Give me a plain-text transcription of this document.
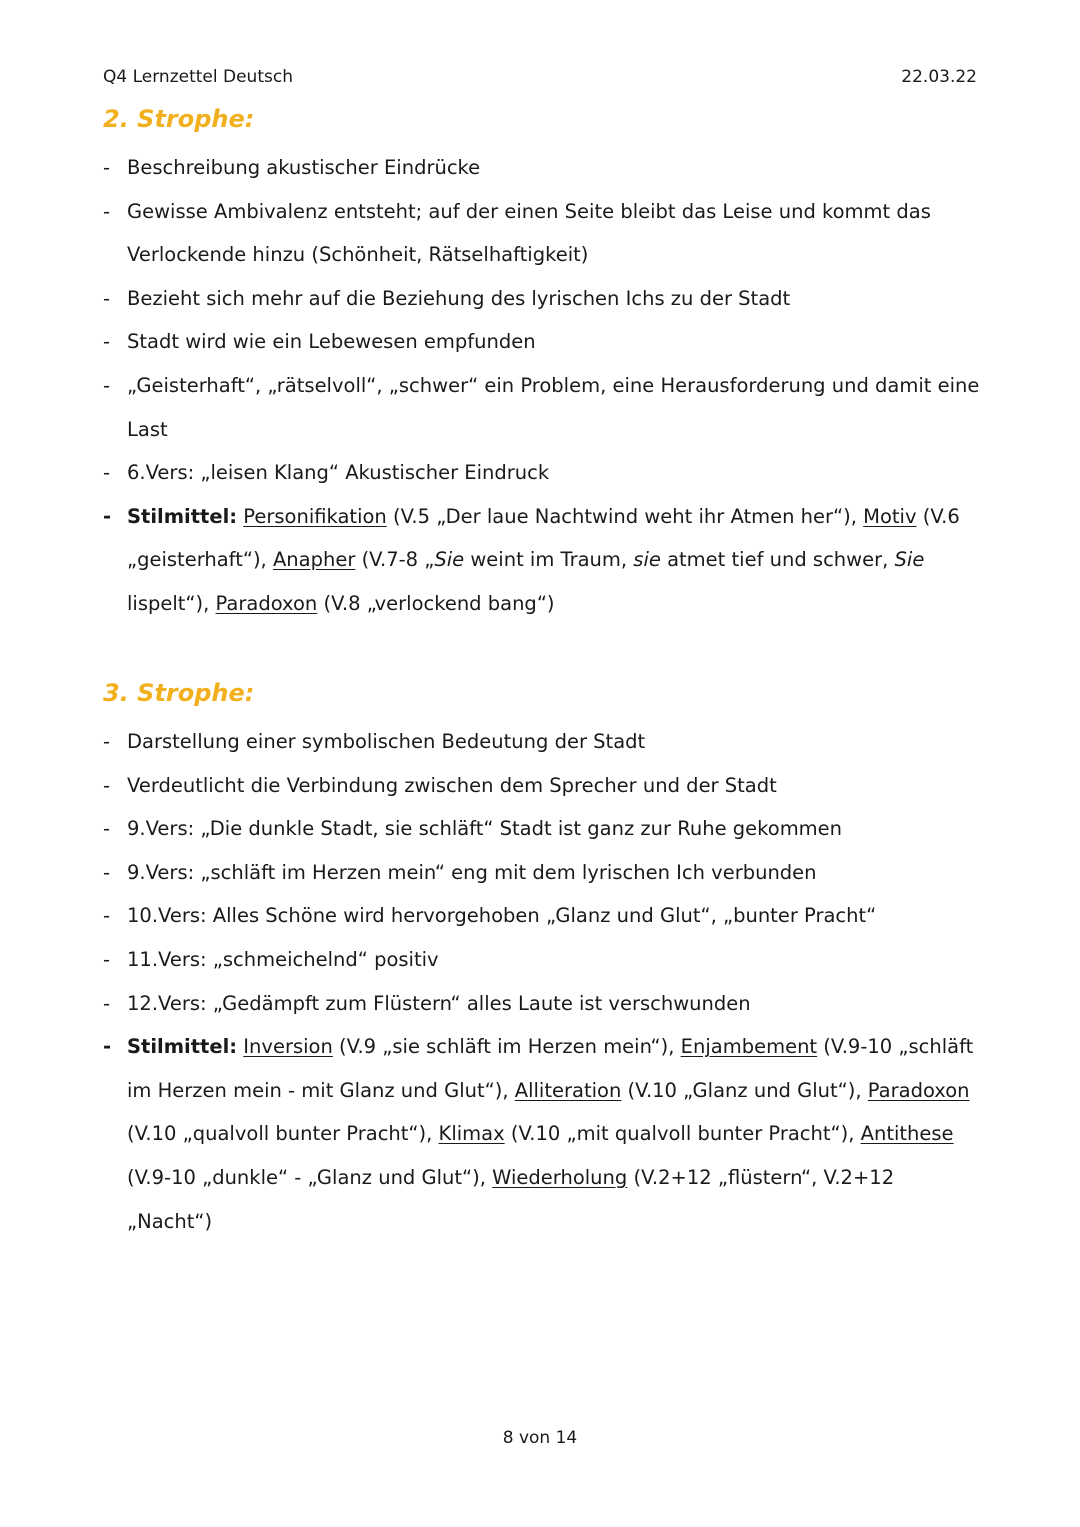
Q4 Lernzettel Deutsch	22.03.22
2. Strophe:
- Beschreibung akustischer Eindrücke
- Gewisse Ambivalenz entsteht; auf der einen Seite bleibt das Leise und kommt das Verlockende hinzu (Schönheit, Rätselhaftigkeit)
- Bezieht sich mehr auf die Beziehung des lyrischen Ichs zu der Stadt
- Stadt wird wie ein Lebewesen empfunden
- „Geisterhaft“, „rätselvoll“, „schwer“ ein Problem, eine Herausforderung und damit eine Last
- 6.Vers: „leisen Klang“ Akustischer Eindruck
- Stilmittel: Personifikation (V.5 „Der laue Nachtwind weht ihr Atmen her“), Motiv (V.6 „geisterhaft“), Anapher (V.7-8 „Sie weint im Traum, sie atmet tief und schwer, Sie lispelt“), Paradoxon (V.8 „verlockend bang“)
3. Strophe:
- Darstellung einer symbolischen Bedeutung der Stadt
- Verdeutlicht die Verbindung zwischen dem Sprecher und der Stadt
- 9.Vers: „Die dunkle Stadt, sie schläft“ Stadt ist ganz zur Ruhe gekommen
- 9.Vers: „schläft im Herzen mein“ eng mit dem lyrischen Ich verbunden
- 10.Vers: Alles Schöne wird hervorgehoben „Glanz und Glut“, „bunter Pracht“
- 11.Vers: „schmeichelnd“ positiv
- 12.Vers: „Gedämpft zum Flüstern“ alles Laute ist verschwunden
- Stilmittel: Inversion (V.9 „sie schläft im Herzen mein“), Enjambement (V.9-10 „schläft im Herzen mein - mit Glanz und Glut“), Alliteration (V.10 „Glanz und Glut“), Paradoxon (V.10 „qualvoll bunter Pracht“), Klimax (V.10 „mit qualvoll bunter Pracht“), Antithese (V.9-10 „dunkle“ - „Glanz und Glut“), Wiederholung (V.2+12 „flüstern“, V.2+12 „Nacht“)
8 von 14
